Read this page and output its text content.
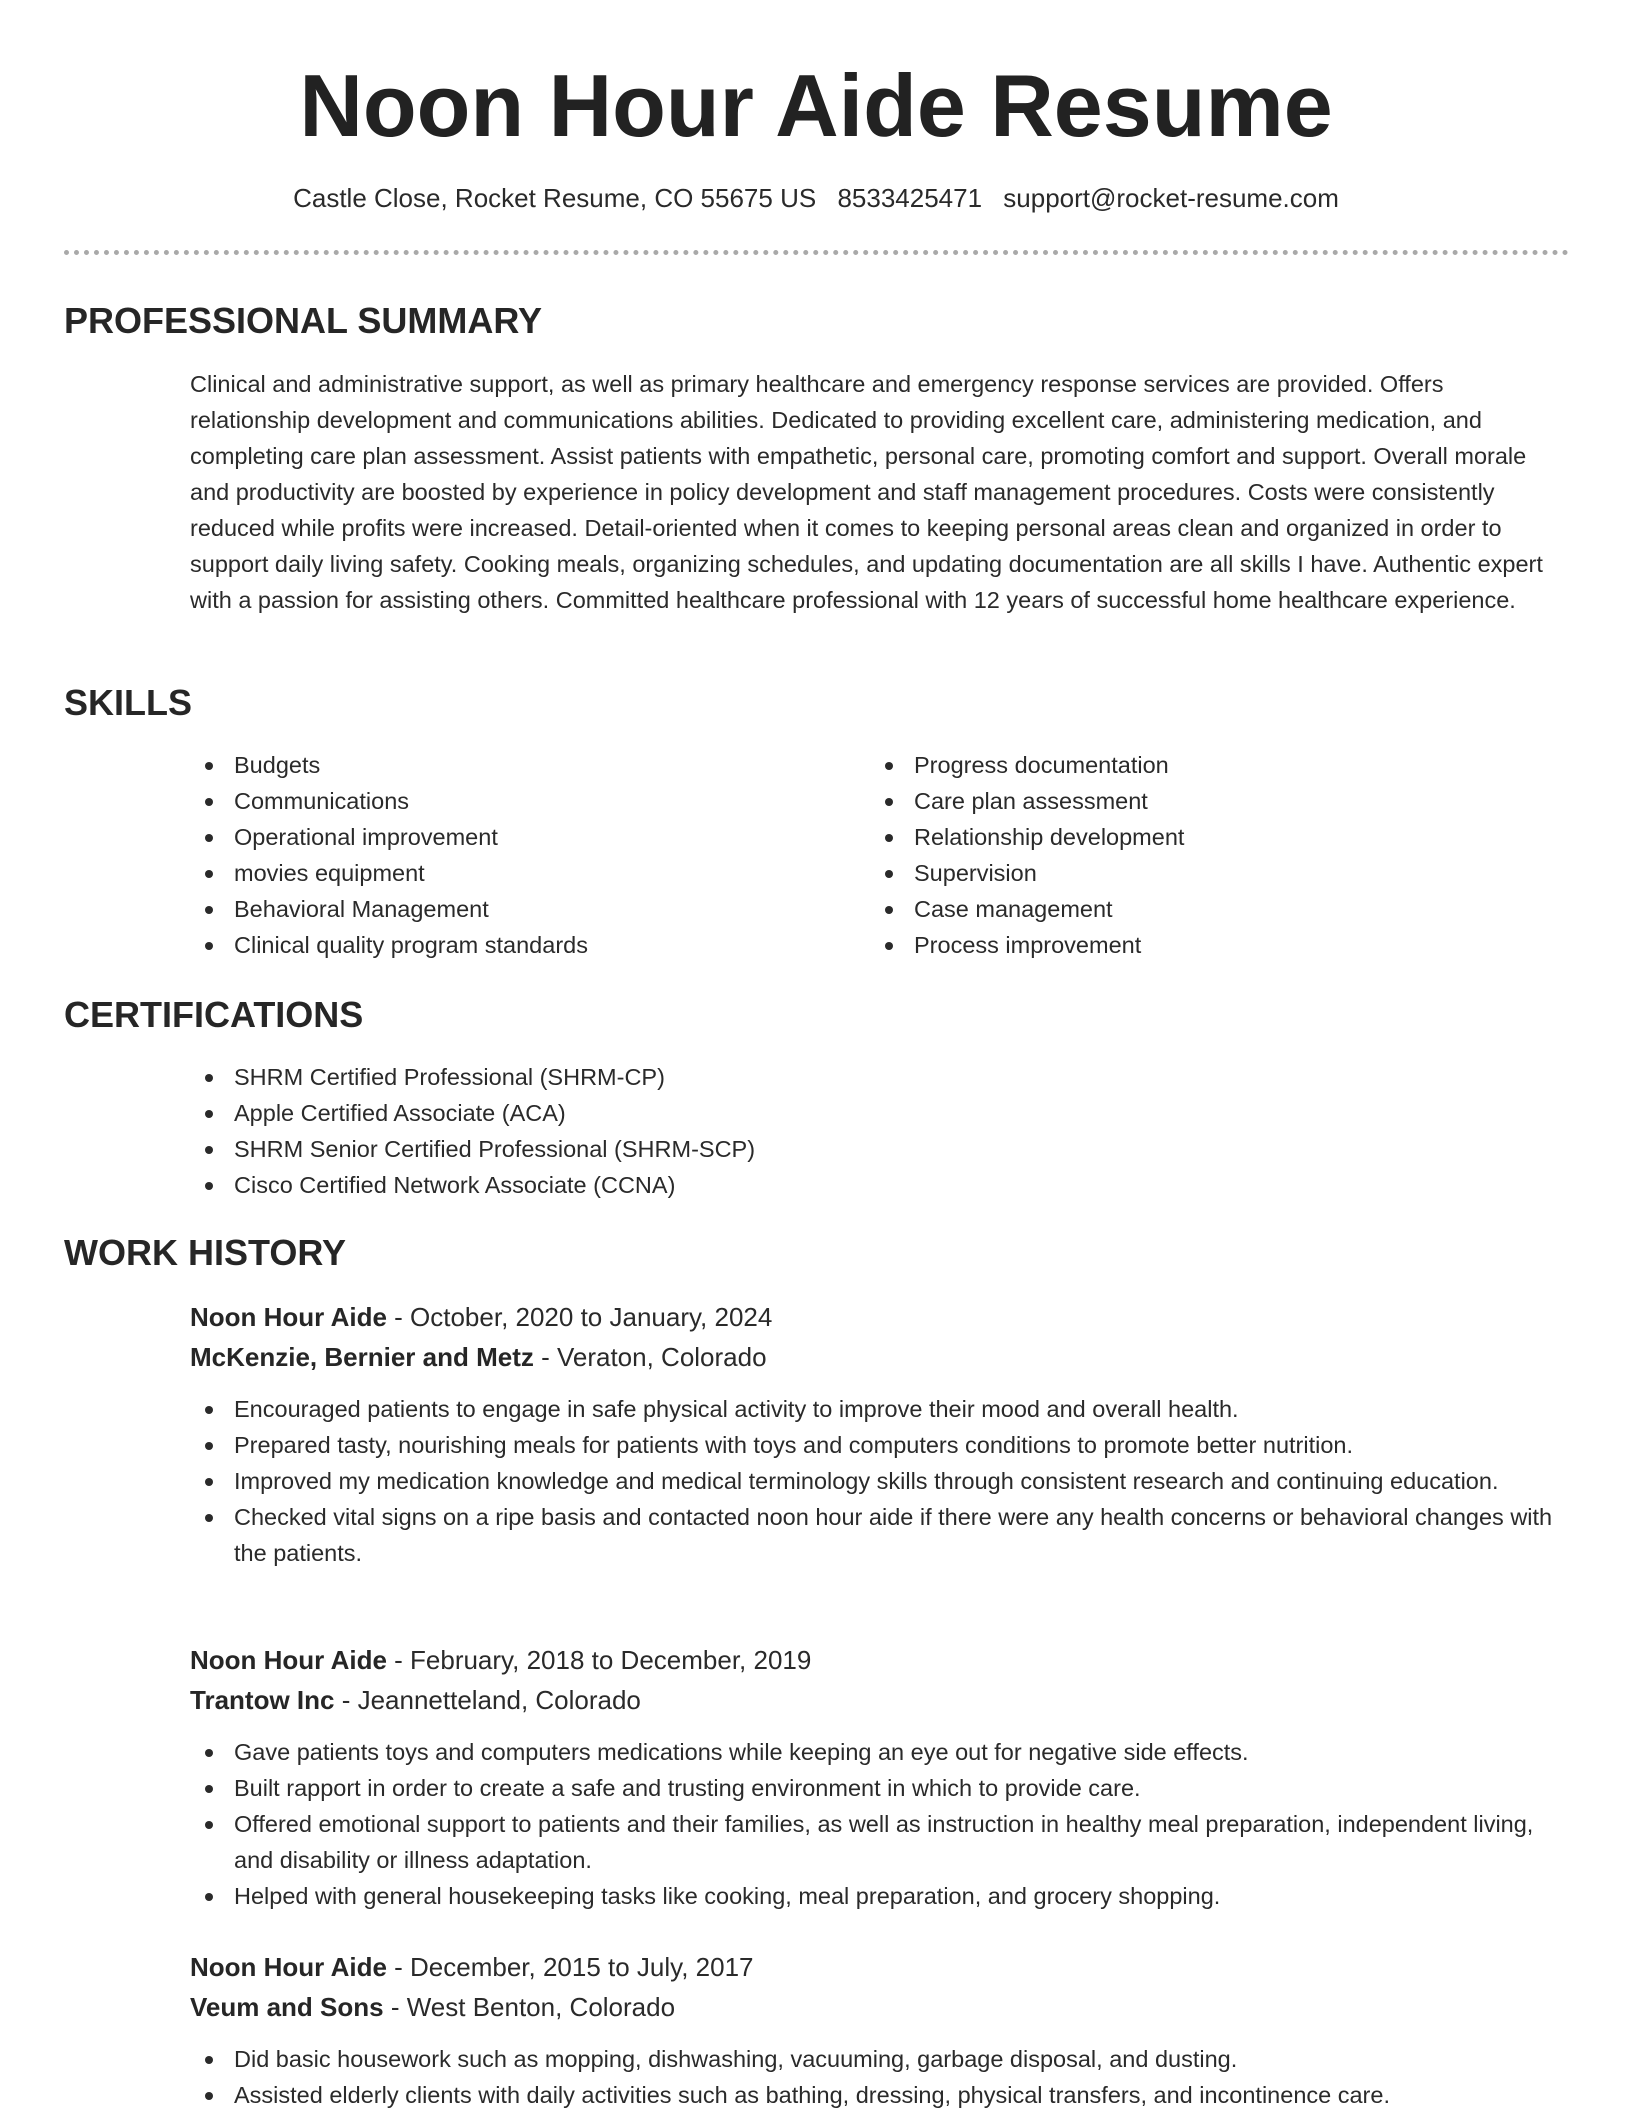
Noon Hour Aide Resume
Castle Close, Rocket Resume, CO 55675 US 8533425471 support@rocket-resume.com
PROFESSIONAL SUMMARY

Clinical and administrative support, as well as primary healthcare and emergency response services are provided. Offers relationship development and communications abilities. Dedicated to providing excellent care, administering medication, and completing care plan assessment. Assist patients with empathetic, personal care, promoting comfort and support. Overall morale and productivity are boosted by experience in policy development and staff management procedures. Costs were consistently reduced while profits were increased. Detail-oriented when it comes to keeping personal areas clean and organized in order to support daily living safety. Cooking meals, organizing schedules, and updating documentation are all skills I have. Authentic expert with a passion for assisting others. Committed healthcare professional with 12 years of successful home healthcare experience.

SKILLS
Budgets
Communications
Operational improvement
movies equipment
Behavioral Management
Clinical quality program standards
Progress documentation
Care plan assessment
Relationship development
Supervision
Case management
Process improvement
CERTIFICATIONS
SHRM Certified Professional (SHRM-CP)
Apple Certified Associate (ACA)
SHRM Senior Certified Professional (SHRM-SCP)
Cisco Certified Network Associate (CCNA)
WORK HISTORY
Noon Hour Aide - October, 2020 to January, 2024
McKenzie, Bernier and Metz - Veraton, Colorado
Encouraged patients to engage in safe physical activity to improve their mood and overall health.
Prepared tasty, nourishing meals for patients with toys and computers conditions to promote better nutrition.
Improved my medication knowledge and medical terminology skills through consistent research and continuing education.
Checked vital signs on a ripe basis and contacted noon hour aide if there were any health concerns or behavioral changes with the patients.
Noon Hour Aide - February, 2018 to December, 2019
Trantow Inc - Jeannetteland, Colorado
Gave patients toys and computers medications while keeping an eye out for negative side effects.
Built rapport in order to create a safe and trusting environment in which to provide care.
Offered emotional support to patients and their families, as well as instruction in healthy meal preparation, independent living, and disability or illness adaptation.
Helped with general housekeeping tasks like cooking, meal preparation, and grocery shopping.
Noon Hour Aide - December, 2015 to July, 2017
Veum and Sons - West Benton, Colorado
Did basic housework such as mopping, dishwashing, vacuuming, garbage disposal, and dusting.
Assisted elderly clients with daily activities such as bathing, dressing, physical transfers, and incontinence care.
